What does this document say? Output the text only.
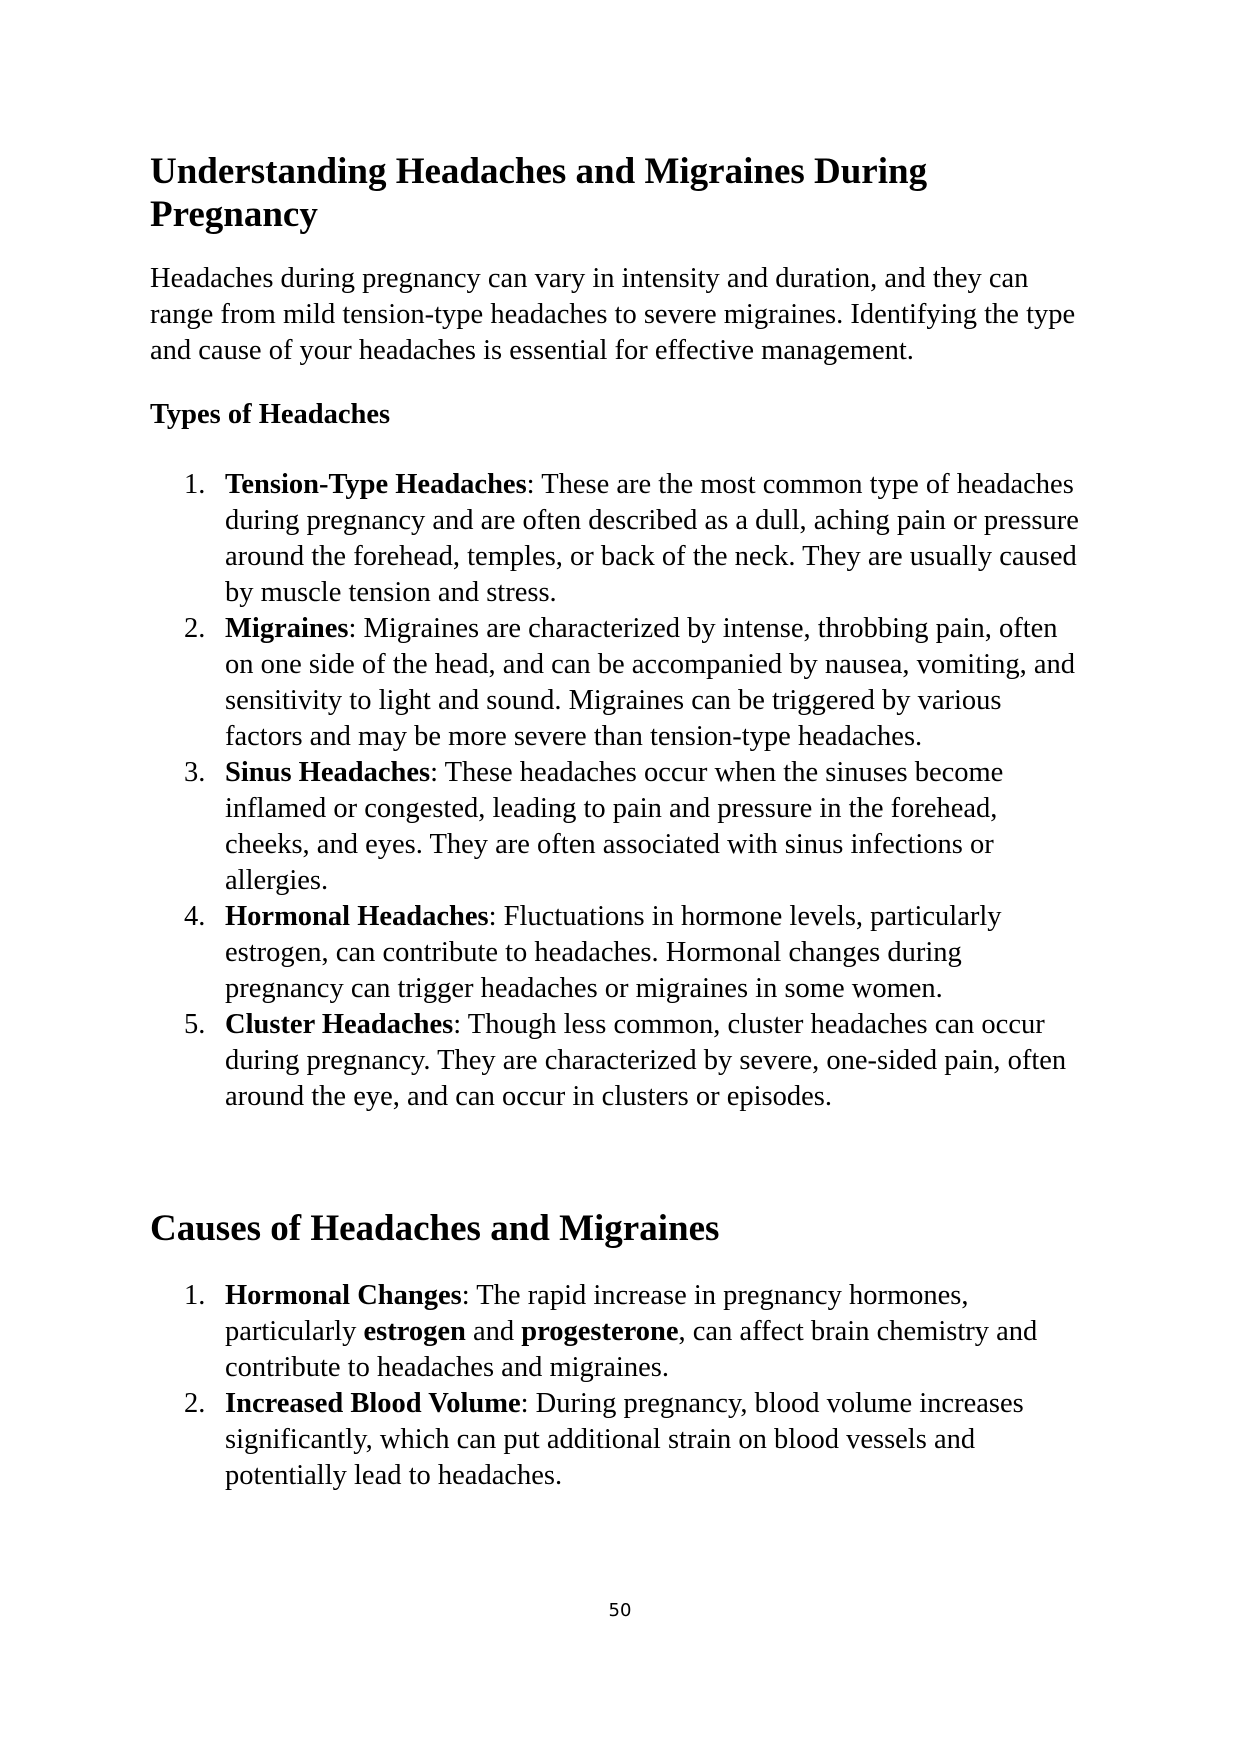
Understanding Headaches and Migraines During Pregnancy

Headaches during pregnancy can vary in intensity and duration, and they can range from mild tension-type headaches to severe migraines. Identifying the type and cause of your headaches is essential for effective management.

Types of Headaches
1. Tension-Type Headaches: These are the most common type of headaches during pregnancy and are often described as a dull, aching pain or pressure around the forehead, temples, or back of the neck. They are usually caused by muscle tension and stress.
2. Migraines: Migraines are characterized by intense, throbbing pain, often on one side of the head, and can be accompanied by nausea, vomiting, and sensitivity to light and sound. Migraines can be triggered by various factors and may be more severe than tension-type headaches.
3. Sinus Headaches: These headaches occur when the sinuses become inflamed or congested, leading to pain and pressure in the forehead, cheeks, and eyes. They are often associated with sinus infections or allergies.
4. Hormonal Headaches: Fluctuations in hormone levels, particularly estrogen, can contribute to headaches. Hormonal changes during pregnancy can trigger headaches or migraines in some women.
5. Cluster Headaches: Though less common, cluster headaches can occur during pregnancy. They are characterized by severe, one-sided pain, often around the eye, and can occur in clusters or episodes.
Causes of Headaches and Migraines
1. Hormonal Changes: The rapid increase in pregnancy hormones, particularly estrogen and progesterone, can affect brain chemistry and contribute to headaches and migraines.
2. Increased Blood Volume: During pregnancy, blood volume increases significantly, which can put additional strain on blood vessels and potentially lead to headaches.
50
